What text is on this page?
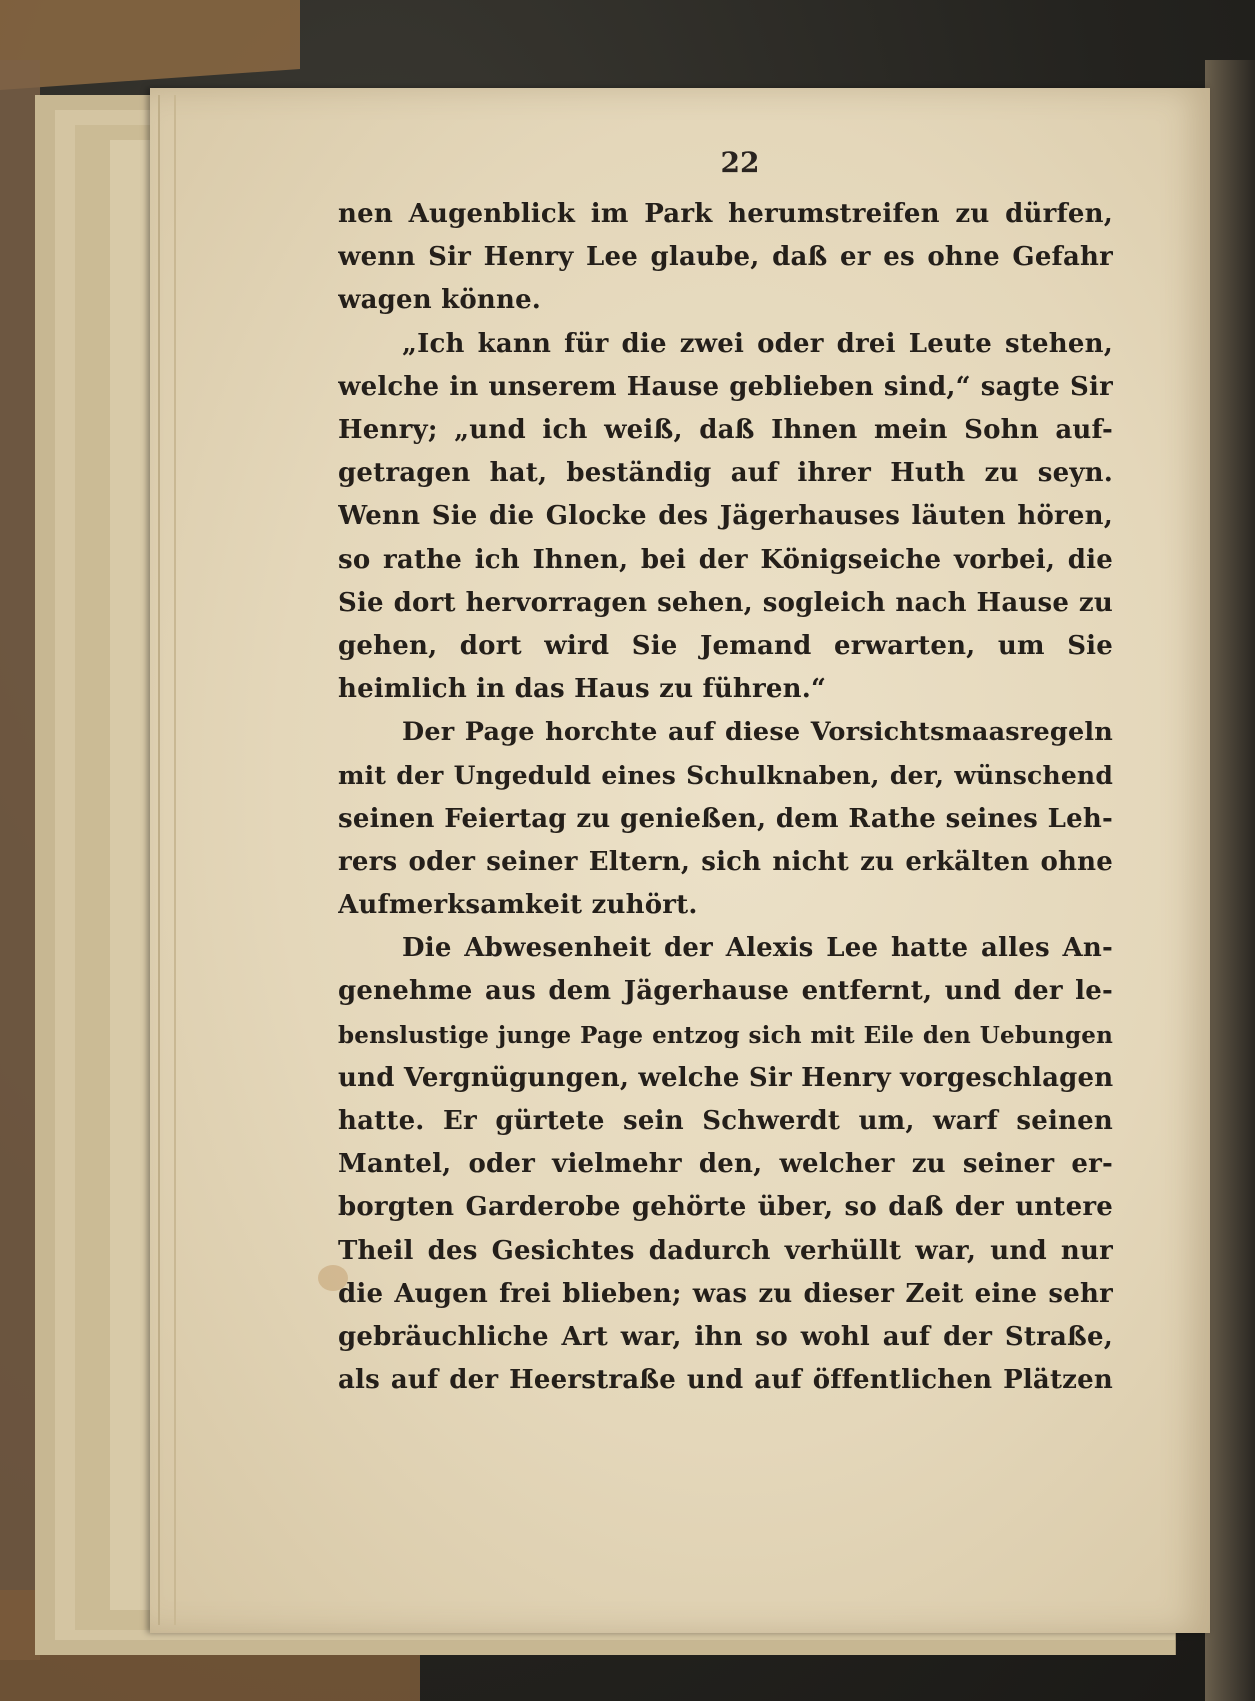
22
nen Augenblick im Park herumstreifen zu dürfen,
wenn Sir Henry Lee glaube, daß er es ohne Gefahr
wagen könne.
„Ich kann für die zwei oder drei Leute stehen,
welche in unserem Hause geblieben sind,“ sagte Sir
Henry; „und ich weiß, daß Ihnen mein Sohn auf-
getragen hat, beständig auf ihrer Huth zu seyn.
Wenn Sie die Glocke des Jägerhauses läuten hören,
so rathe ich Ihnen, bei der Königseiche vorbei, die
Sie dort hervorragen sehen, sogleich nach Hause zu
gehen, dort wird Sie Jemand erwarten, um Sie
heimlich in das Haus zu führen.“
Der Page horchte auf diese Vorsichtsmaasregeln
mit der Ungeduld eines Schulknaben, der, wünschend
seinen Feiertag zu genießen, dem Rathe seines Leh-
rers oder seiner Eltern, sich nicht zu erkälten ohne
Aufmerksamkeit zuhört.
Die Abwesenheit der Alexis Lee hatte alles An-
genehme aus dem Jägerhause entfernt, und der le-
benslustige junge Page entzog sich mit Eile den Uebungen
und Vergnügungen, welche Sir Henry vorgeschlagen
hatte. Er gürtete sein Schwerdt um, warf seinen
Mantel, oder vielmehr den, welcher zu seiner er-
borgten Garderobe gehörte über, so daß der untere
Theil des Gesichtes dadurch verhüllt war, und nur
die Augen frei blieben; was zu dieser Zeit eine sehr
gebräuchliche Art war, ihn so wohl auf der Straße,
als auf der Heerstraße und auf öffentlichen Plätzen
